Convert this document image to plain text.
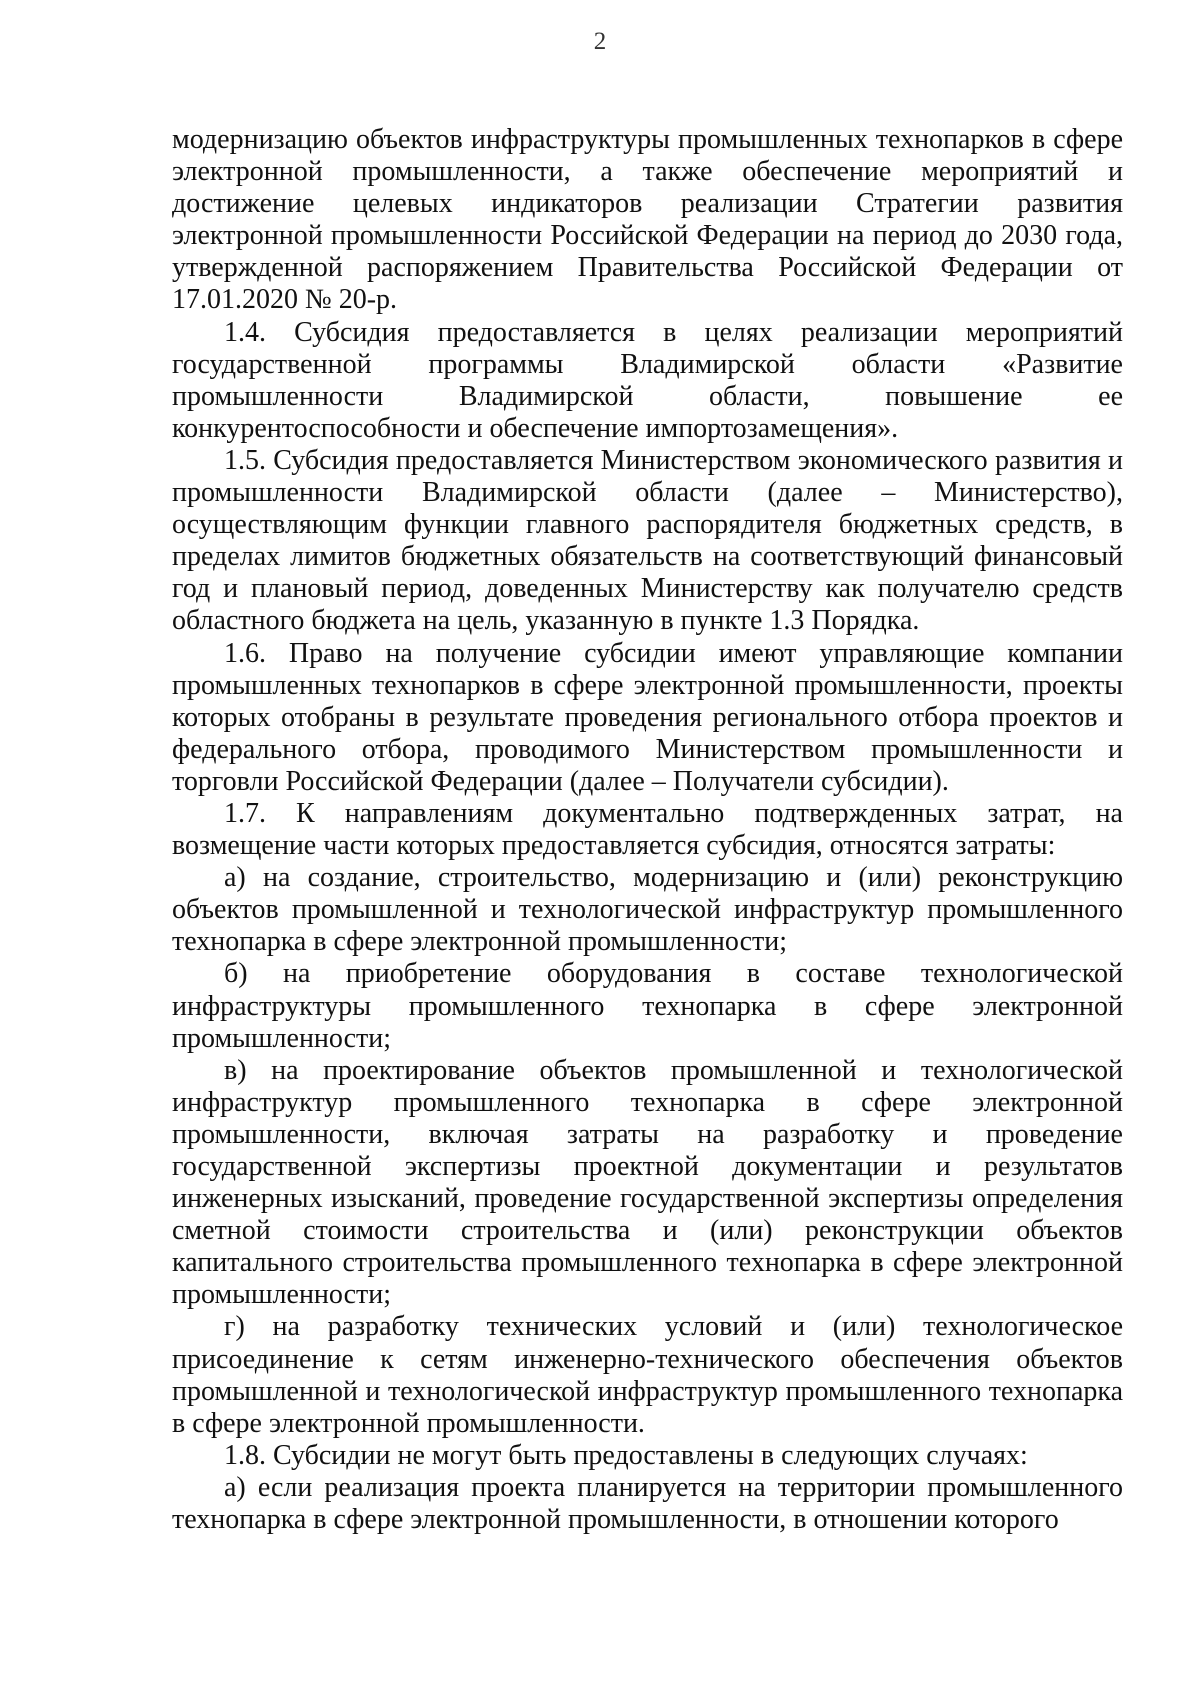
2

модернизацию объектов инфраструктуры промышленных технопарков в сфере электронной промышленности, а также обеспечение мероприятий и достижение целевых индикаторов реализации Стратегии развития электронной промышленности Российской Федерации на период до 2030 года, утвержденной распоряжением Правительства Российской Федерации от 17.01.2020 № 20-р.

1.4. Субсидия предоставляется в целях реализации мероприятий государственной программы Владимирской области «Развитие промышленности Владимирской области, повышение ее конкурентоспособности и обеспечение импортозамещения».

1.5. Субсидия предоставляется Министерством экономического развития и промышленности Владимирской области (далее – Министерство), осуществляющим функции главного распорядителя бюджетных средств, в пределах лимитов бюджетных обязательств на соответствующий финансовый год и плановый период, доведенных Министерству как получателю средств областного бюджета на цель, указанную в пункте 1.3 Порядка.

1.6. Право на получение субсидии имеют управляющие компании промышленных технопарков в сфере электронной промышленности, проекты которых отобраны в результате проведения регионального отбора проектов и федерального отбора, проводимого Министерством промышленности и торговли Российской Федерации (далее – Получатели субсидии).

1.7. К направлениям документально подтвержденных затрат, на возмещение части которых предоставляется субсидия, относятся затраты:

а) на создание, строительство, модернизацию и (или) реконструкцию объектов промышленной и технологической инфраструктур промышленного технопарка в сфере электронной промышленности;

б) на приобретение оборудования в составе технологической инфраструктуры промышленного технопарка в сфере электронной промышленности;

в) на проектирование объектов промышленной и технологической инфраструктур промышленного технопарка в сфере электронной промышленности, включая затраты на разработку и проведение государственной экспертизы проектной документации и результатов инженерных изысканий, проведение государственной экспертизы определения сметной стоимости строительства и (или) реконструкции объектов капитального строительства промышленного технопарка в сфере электронной промышленности;

г) на разработку технических условий и (или) технологическое присоединение к сетям инженерно-технического обеспечения объектов промышленной и технологической инфраструктур промышленного технопарка в сфере электронной промышленности.

1.8. Субсидии не могут быть предоставлены в следующих случаях:

а) если реализация проекта планируется на территории промышленного технопарка в сфере электронной промышленности, в отношении которого
